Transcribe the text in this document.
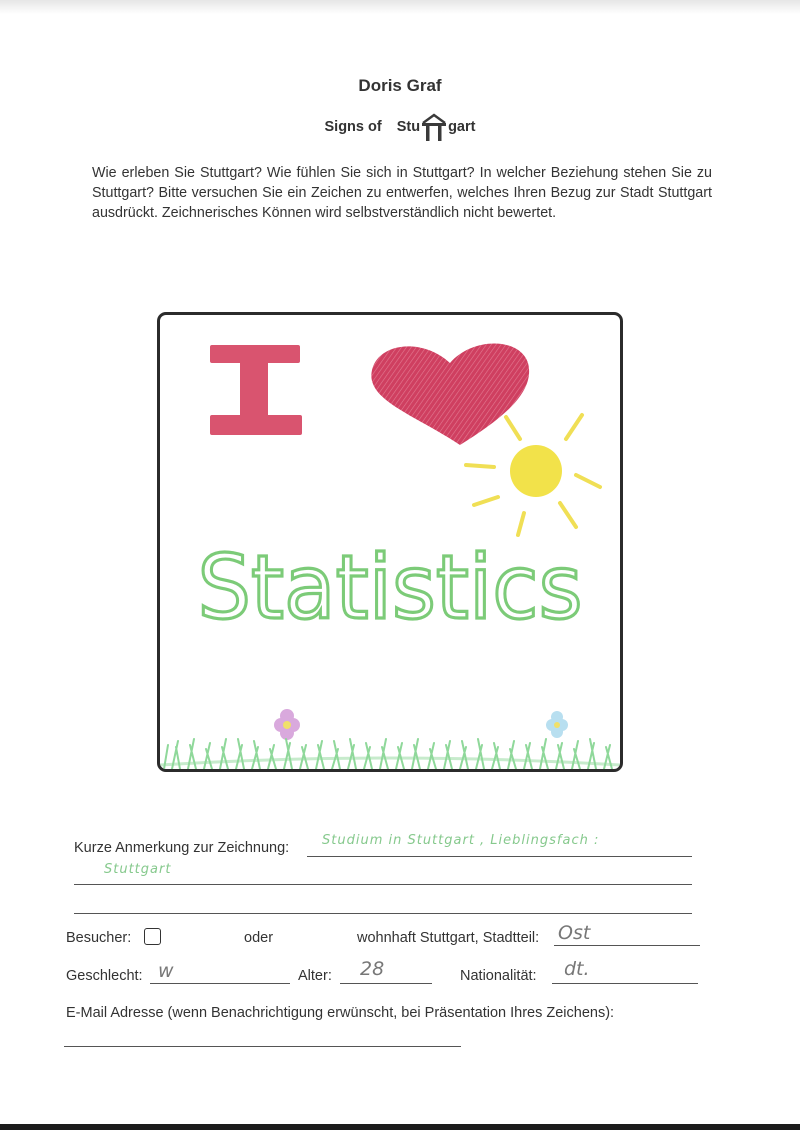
Doris Graf
Signs of Stu gart

Wie erleben Sie Stuttgart? Wie fühlen Sie sich in Stuttgart? In welcher Beziehung stehen Sie zu Stuttgart? Bitte versuchen Sie ein Zeichen zu entwerfen, welches Ihren Bezug zur Stadt Stuttgart ausdrückt. Zeichnerisches Können wird selbstverständlich nicht bewertet.

Statistics
Kurze Anmerkung zur Zeichnung:	Studium in Stuttgart , Lieblingsfach :
Stuttgart
Besucher:	oder	wohnhaft Stuttgart, Stadtteil: Ost
Geschlecht: w	Alter: 28	Nationalität: dt.
E-Mail Adresse (wenn Benachrichtigung erwünscht, bei Präsentation Ihres Zeichens):
